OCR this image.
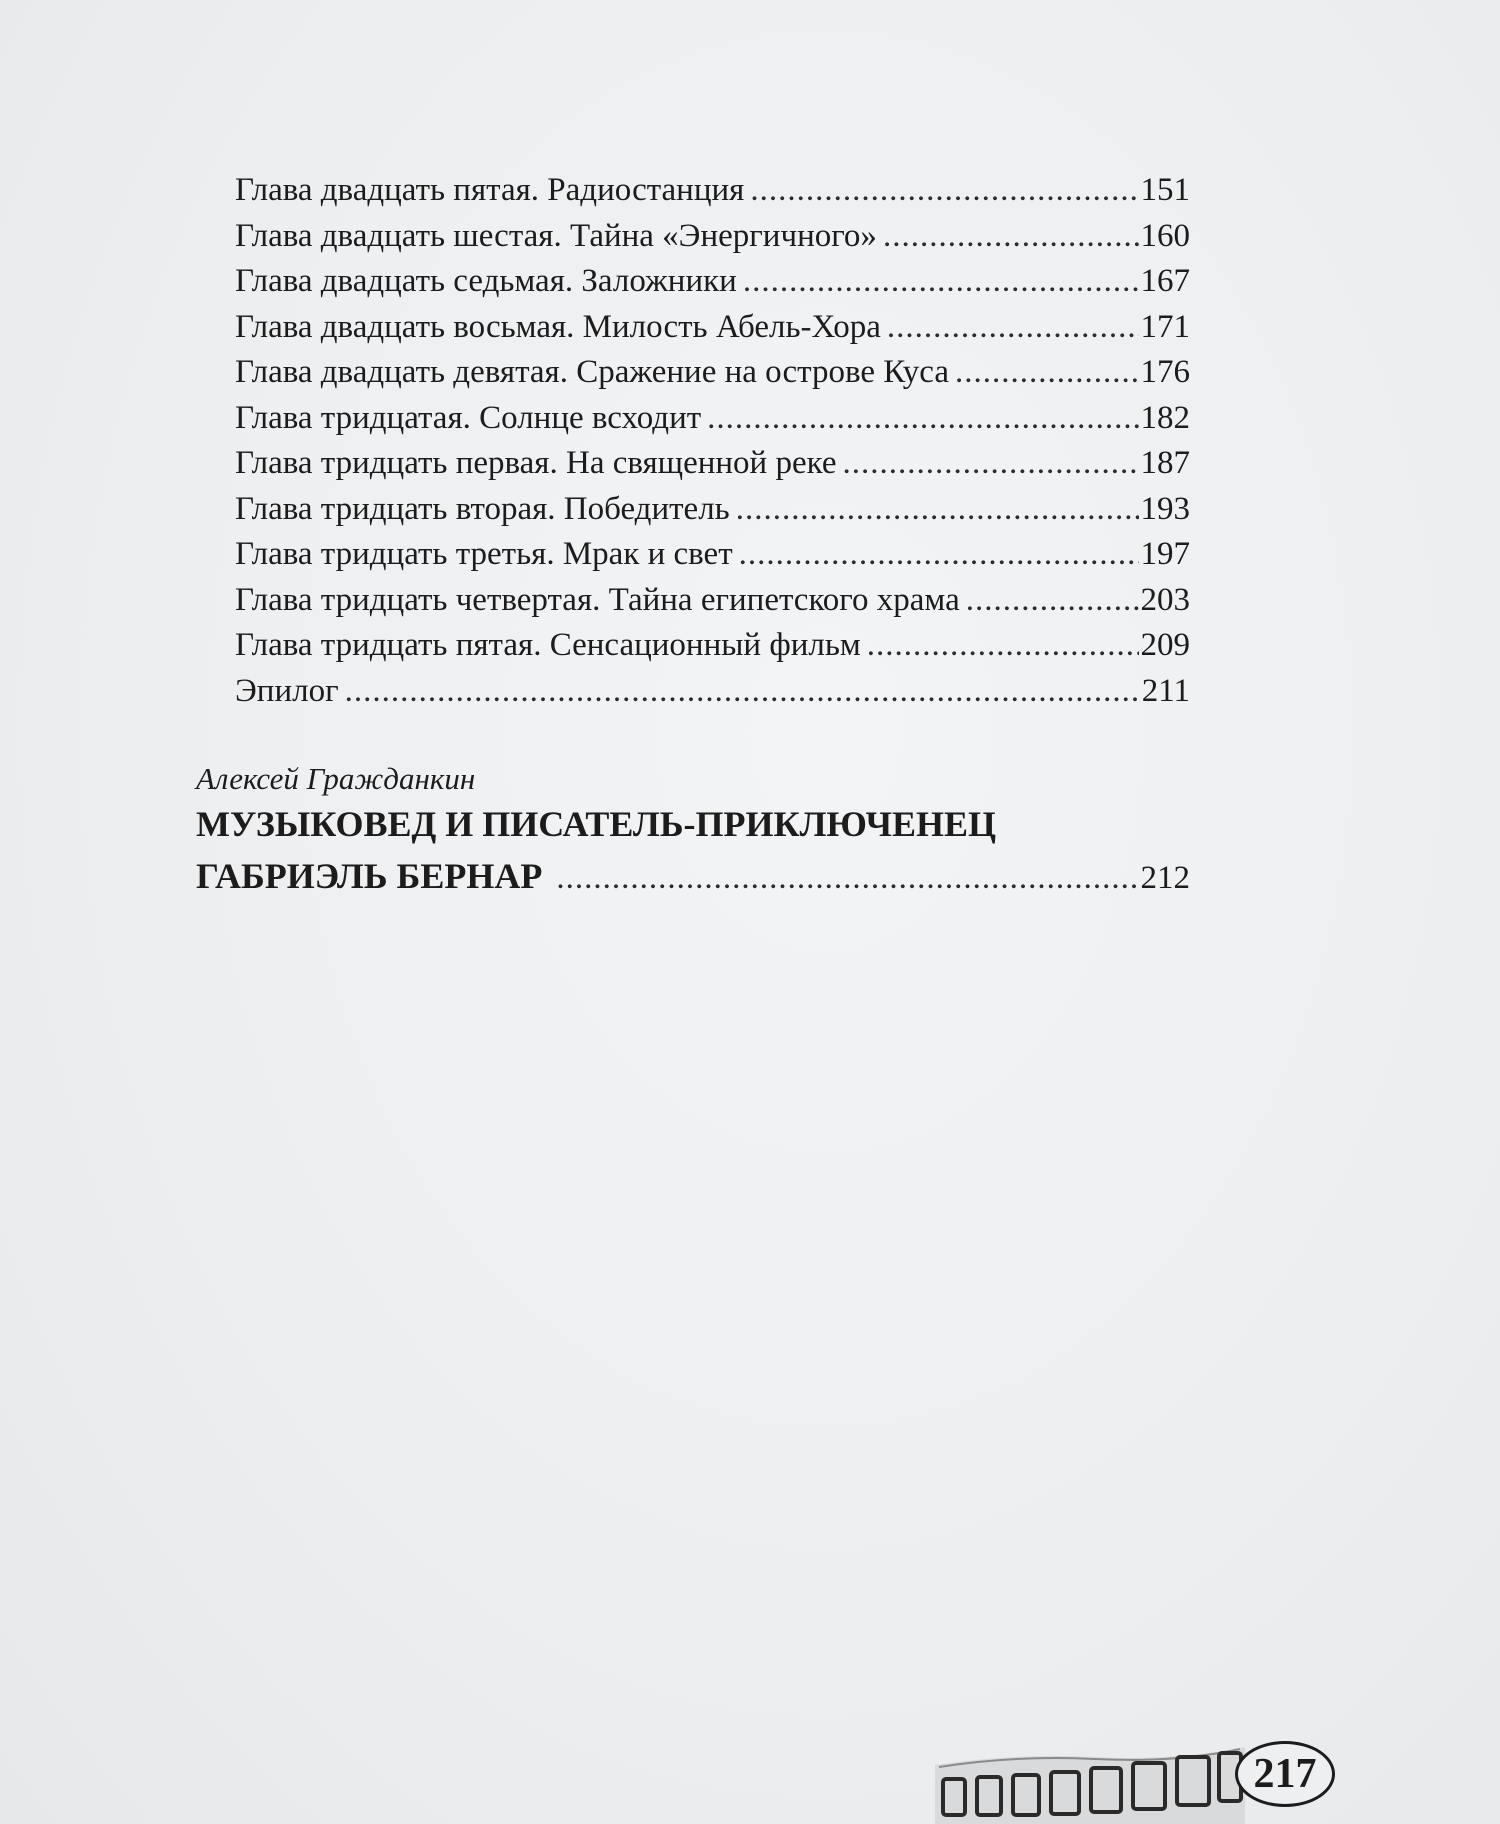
Глава двадцать пятая. Радиостанция .....	151
Глава двадцать шестая. Тайна «Энергичного» .....	160
Глава двадцать седьмая. Заложники .....	167
Глава двадцать восьмая. Милость Абель-Хора .....	171
Глава двадцать девятая. Сражение на острове Куса .....	176
Глава тридцатая. Солнце всходит .....	182
Глава тридцать первая. На священной реке .....	187
Глава тридцать вторая. Победитель .....	193
Глава тридцать третья. Мрак и свет .....	197
Глава тридцать четвертая. Тайна египетского храма .....	203
Глава тридцать пятая. Сенсационный фильм .....	209
Эпилог .....	211
Алексей Гражданкин
МУЗЫКОВЕД И ПИСАТЕЛЬ-ПРИКЛЮЧЕНЕЦ
ГАБРИЭЛЬ БЕРНАР .....	212
217
